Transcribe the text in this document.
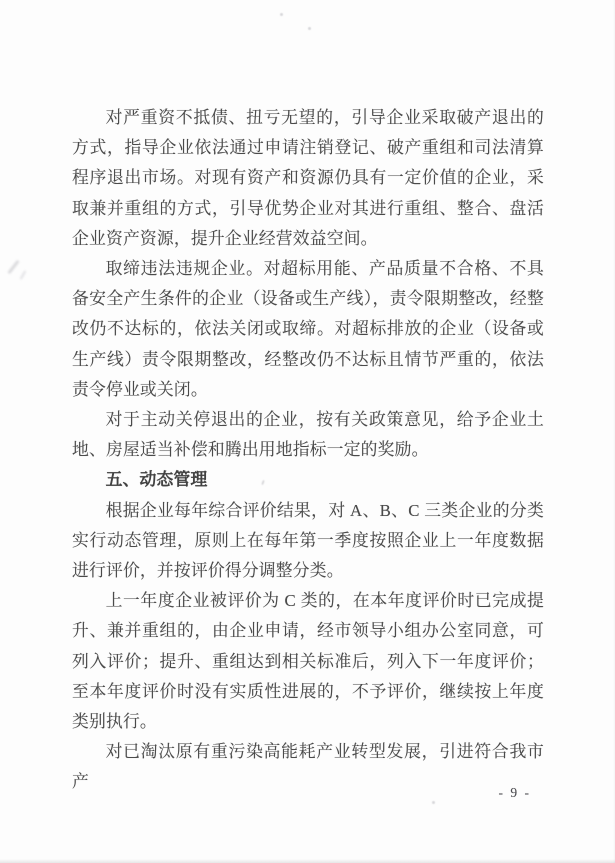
对严重资不抵债、扭亏无望的，引导企业采取破产退出的方式，指导企业依法通过申请注销登记、破产重组和司法清算程序退出市场。对现有资产和资源仍具有一定价值的企业，采取兼并重组的方式，引导优势企业对其进行重组、整合、盘活企业资产资源，提升企业经营效益空间。

取缔违法违规企业。对超标用能、产品质量不合格、不具备安全产生条件的企业（设备或生产线），责令限期整改，经整改仍不达标的，依法关闭或取缔。对超标排放的企业（设备或生产线）责令限期整改，经整改仍不达标且情节严重的，依法责令停业或关闭。

对于主动关停退出的企业，按有关政策意见，给予企业土地、房屋适当补偿和腾出用地指标一定的奖励。

五、动态管理

根据企业每年综合评价结果，对 A、B、C 三类企业的分类实行动态管理，原则上在每年第一季度按照企业上一年度数据进行评价，并按评价得分调整分类。

上一年度企业被评价为 C 类的，在本年度评价时已完成提升、兼并重组的，由企业申请，经市领导小组办公室同意，可列入评价；提升、重组达到相关标准后，列入下一年度评价；至本年度评价时没有实质性进展的，不予评价，继续按上年度类别执行。

对已淘汰原有重污染高能耗产业转型发展，引进符合我市产

- 9 -
